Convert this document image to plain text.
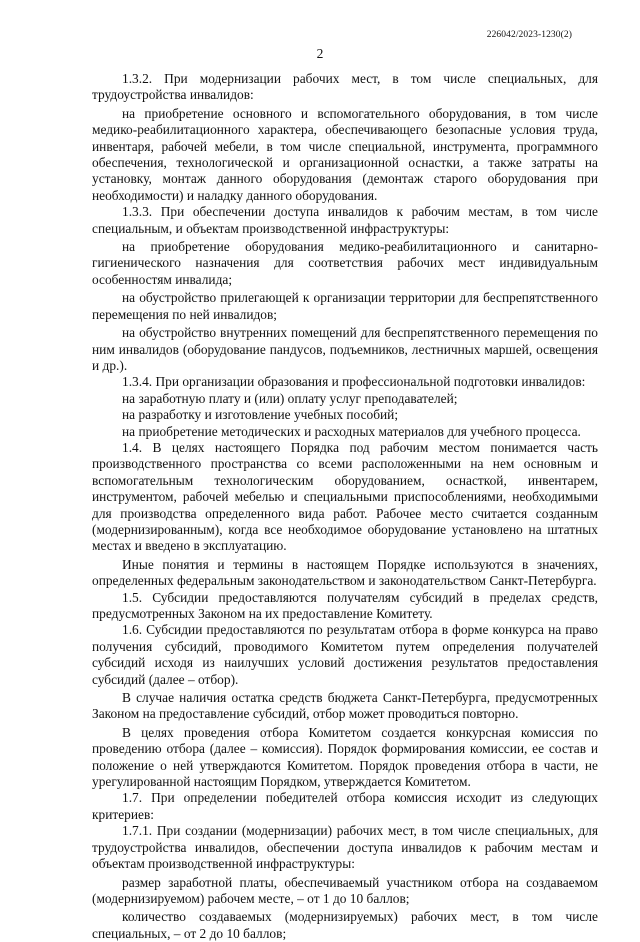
226042/2023-1230(2)
2

1.3.2. При модернизации рабочих мест, в том числе специальных, для трудоустройства инвалидов:

на приобретение основного и вспомогательного оборудования, в том числе медико-реабилитационного характера, обеспечивающего безопасные условия труда, инвентаря, рабочей мебели, в том числе специальной, инструмента, программного обеспечения, технологической и организационной оснастки, а также затраты на установку, монтаж данного оборудования (демонтаж старого оборудования при необходимости) и наладку данного оборудования.

1.3.3. При обеспечении доступа инвалидов к рабочим местам, в том числе специальным, и объектам производственной инфраструктуры:

на приобретение оборудования медико-реабилитационного и санитарно-гигиенического назначения для соответствия рабочих мест индивидуальным особенностям инвалида;

на обустройство прилегающей к организации территории для беспрепятственного перемещения по ней инвалидов;

на обустройство внутренних помещений для беспрепятственного перемещения по ним инвалидов (оборудование пандусов, подъемников, лестничных маршей, освещения и др.).

1.3.4. При организации образования и профессиональной подготовки инвалидов:

на заработную плату и (или) оплату услуг преподавателей;

на разработку и изготовление учебных пособий;

на приобретение методических и расходных материалов для учебного процесса.

1.4. В целях настоящего Порядка под рабочим местом понимается часть производственного пространства со всеми расположенными на нем основным и вспомогательным технологическим оборудованием, оснасткой, инвентарем, инструментом, рабочей мебелью и специальными приспособлениями, необходимыми для производства определенного вида работ. Рабочее место считается созданным (модернизированным), когда все необходимое оборудование установлено на штатных местах и введено в эксплуатацию.

Иные понятия и термины в настоящем Порядке используются в значениях, определенных федеральным законодательством и законодательством Санкт-Петербурга.

1.5. Субсидии предоставляются получателям субсидий в пределах средств, предусмотренных Законом на их предоставление Комитету.

1.6. Субсидии предоставляются по результатам отбора в форме конкурса на право получения субсидий, проводимого Комитетом путем определения получателей субсидий исходя из наилучших условий достижения результатов предоставления субсидий (далее – отбор).

В случае наличия остатка средств бюджета Санкт-Петербурга, предусмотренных Законом на предоставление субсидий, отбор может проводиться повторно.

В целях проведения отбора Комитетом создается конкурсная комиссия по проведению отбора (далее – комиссия). Порядок формирования комиссии, ее состав и положение о ней утверждаются Комитетом. Порядок проведения отбора в части, не урегулированной настоящим Порядком, утверждается Комитетом.

1.7. При определении победителей отбора комиссия исходит из следующих критериев:

1.7.1. При создании (модернизации) рабочих мест, в том числе специальных, для трудоустройства инвалидов, обеспечении доступа инвалидов к рабочим местам и объектам производственной инфраструктуры:

размер заработной платы, обеспечиваемый участником отбора на создаваемом (модернизируемом) рабочем месте, – от 1 до 10 баллов;

количество создаваемых (модернизируемых) рабочих мест, в том числе специальных, – от 2 до 10 баллов;
